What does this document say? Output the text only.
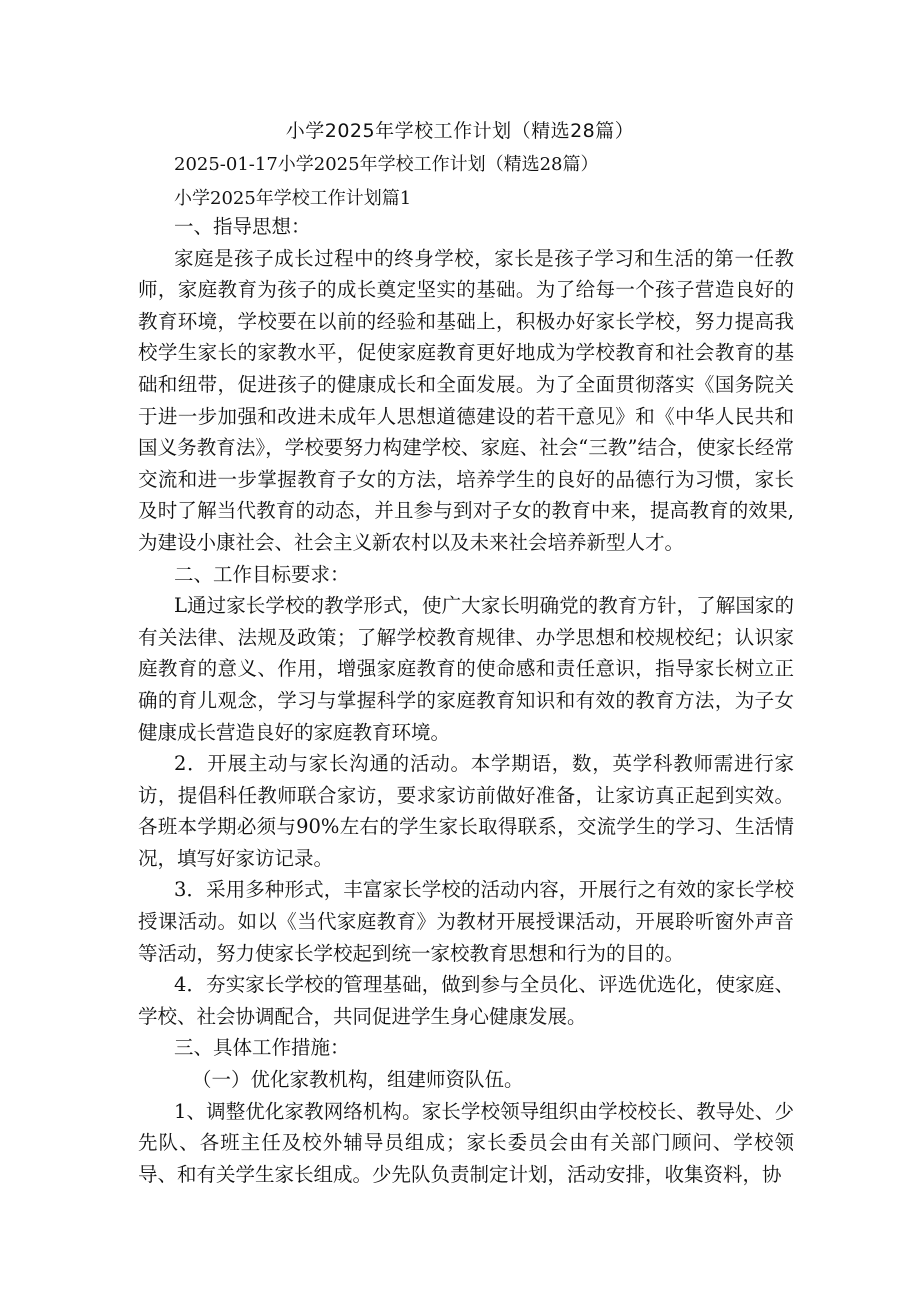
小学2025年学校工作计划（精选28篇）
2025-01-17小学2025年学校工作计划（精选28篇）
小学2025年学校工作计划篇1

一、指导思想：

家庭是孩子成长过程中的终身学校，家长是孩子学习和生活的第一任教师，家庭教育为孩子的成长奠定坚实的基础。为了给每一个孩子营造良好的教育环境，学校要在以前的经验和基础上，积极办好家长学校，努力提高我校学生家长的家教水平，促使家庭教育更好地成为学校教育和社会教育的基础和纽带，促进孩子的健康成长和全面发展。为了全面贯彻落实《国务院关于进一步加强和改进未成年人思想道德建设的若干意见》和《中华人民共和国义务教育法》，学校要努力构建学校、家庭、社会“三教”结合，使家长经常交流和进一步掌握教育子女的方法，培养学生的良好的品德行为习惯，家长及时了解当代教育的动态，并且参与到对子女的教育中来，提高教育的效果,为建设小康社会、社会主义新农村以及未来社会培养新型人才。

二、工作目标要求：

L通过家长学校的教学形式，使广大家长明确党的教育方针，了解国家的有关法律、法规及政策；了解学校教育规律、办学思想和校规校纪；认识家庭教育的意义、作用，增强家庭教育的使命感和责任意识，指导家长树立正确的育儿观念，学习与掌握科学的家庭教育知识和有效的教育方法，为子女健康成长营造良好的家庭教育环境。

2．开展主动与家长沟通的活动。本学期语，数，英学科教师需进行家访，提倡科任教师联合家访，要求家访前做好准备，让家访真正起到实效。各班本学期必须与90%左右的学生家长取得联系，交流学生的学习、生活情况，填写好家访记录。

3．采用多种形式，丰富家长学校的活动内容，开展行之有效的家长学校授课活动。如以《当代家庭教育》为教材开展授课活动，开展聆听窗外声音等活动，努力使家长学校起到统一家校教育思想和行为的目的。

4．夯实家长学校的管理基础，做到参与全员化、评选优选化，使家庭、学校、社会协调配合，共同促进学生身心健康发展。

三、具体工作措施：

（一）优化家教机构，组建师资队伍。

1、调整优化家教网络机构。家长学校领导组织由学校校长、教导处、少先队、各班主任及校外辅导员组成；家长委员会由有关部门顾问、学校领导、和有关学生家长组成。少先队负责制定计划，活动安排，收集资料，协
